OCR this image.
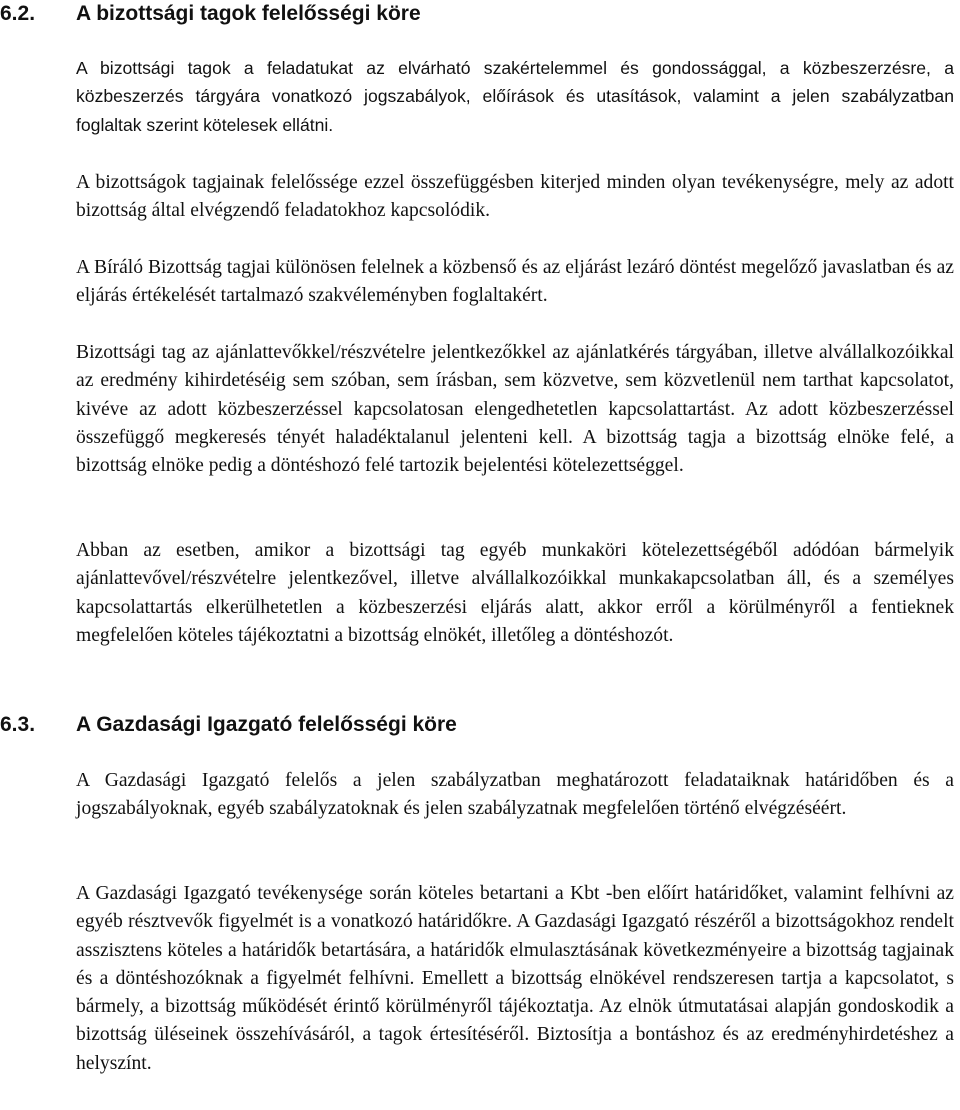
6.2. A bizottsági tagok felelősségi köre
A bizottsági tagok a feladatukat az elvárható szakértelemmel és gondossággal, a közbeszerzésre, a közbeszerzés tárgyára vonatkozó jogszabályok, előírások és utasítások, valamint a jelen szabályzatban foglaltak szerint kötelesek ellátni.
A bizottságok tagjainak felelőssége ezzel összefüggésben kiterjed minden olyan tevékenységre, mely az adott bizottság által elvégzendő feladatokhoz kapcsolódik.
A Bíráló Bizottság tagjai különösen felelnek a közbenső és az eljárást lezáró döntést megelőző javaslatban és az eljárás értékelését tartalmazó szakvéleményben foglaltakért.
Bizottsági tag az ajánlattevőkkel/részvételre jelentkezőkkel az ajánlatkérés tárgyában, illetve alvállalkozóikkal az eredmény kihirdetéséig sem szóban, sem írásban, sem közvetve, sem közvetlenül nem tarthat kapcsolatot, kivéve az adott közbeszerzéssel kapcsolatosan elengedhetetlen kapcsolattartást. Az adott közbeszerzéssel összefüggő megkeresés tényét haladéktalanul jelenteni kell. A bizottság tagja a bizottság elnöke felé, a bizottság elnöke pedig a döntéshozó felé tartozik bejelentési kötelezettséggel.
Abban az esetben, amikor a bizottsági tag egyéb munkaköri kötelezettségéből adódóan bármelyik ajánlattevővel/részvételre jelentkezővel, illetve alvállalkozóikkal munkakapcsolatban áll, és a személyes kapcsolattartás elkerülhetetlen a közbeszerzési eljárás alatt, akkor erről a körülményről a fentieknek megfelelően köteles tájékoztatni a bizottság elnökét, illetőleg a döntéshozót.
6.3. A Gazdasági Igazgató felelősségi köre
A Gazdasági Igazgató felelős a jelen szabályzatban meghatározott feladataiknak határidőben és a jogszabályoknak, egyéb szabályzatoknak és jelen szabályzatnak megfelelően történő elvégzéséért.
A Gazdasági Igazgató tevékenysége során köteles betartani a Kbt -ben előírt határidőket, valamint felhívni az egyéb résztvevők figyelmét is a vonatkozó határidőkre. A Gazdasági Igazgató részéről a bizottságokhoz rendelt asszisztens köteles a határidők betartására, a határidők elmulasztásának következményeire a bizottság tagjainak és a döntéshozóknak a figyelmét felhívni. Emellett a bizottság elnökével rendszeresen tartja a kapcsolatot, s bármely, a bizottság működését érintő körülményről tájékoztatja. Az elnök útmutatásai alapján gondoskodik a bizottság üléseinek összehívásáról, a tagok értesítéséről. Biztosítja a bontáshoz és az eredményhirdetéshez a helyszínt.
